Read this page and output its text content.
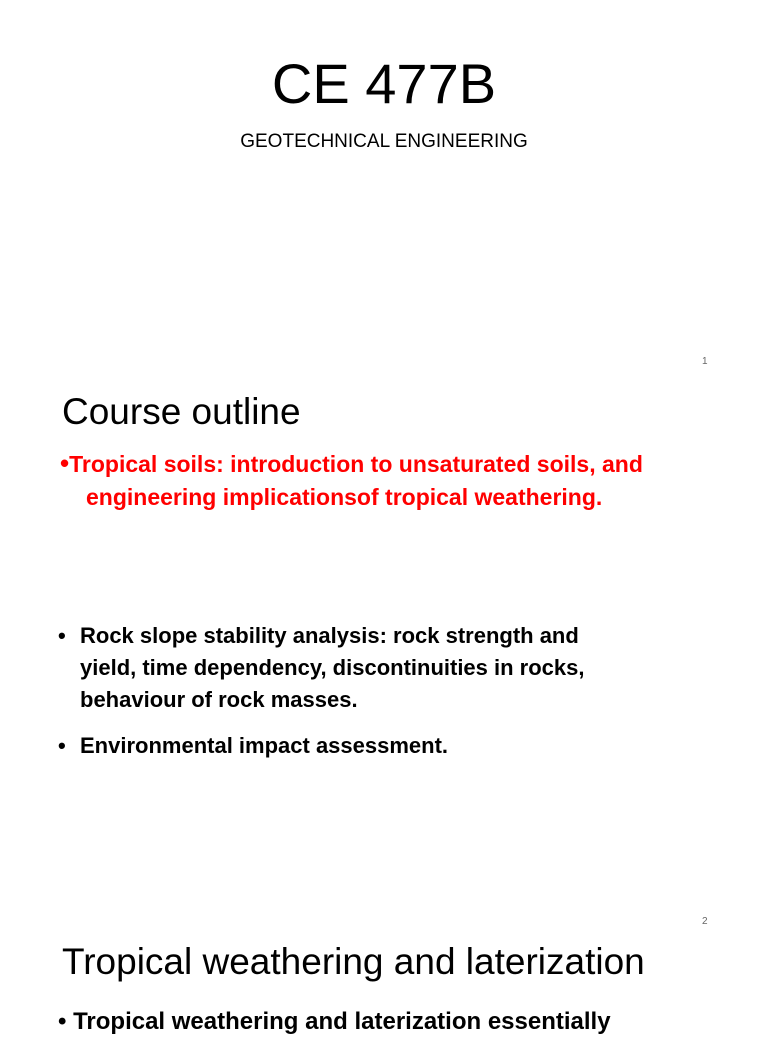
CE 477B
GEOTECHNICAL ENGINEERING
1
Course outline
•Tropical soils: introduction to unsaturated soils, and
engineering implicationsof tropical weathering.
• Rock slope stability analysis: rock strength and
yield, time dependency, discontinuities in rocks,
behaviour of rock masses.
• Environmental impact assessment.
2
Tropical weathering and laterization
• Tropical weathering and laterization essentially
